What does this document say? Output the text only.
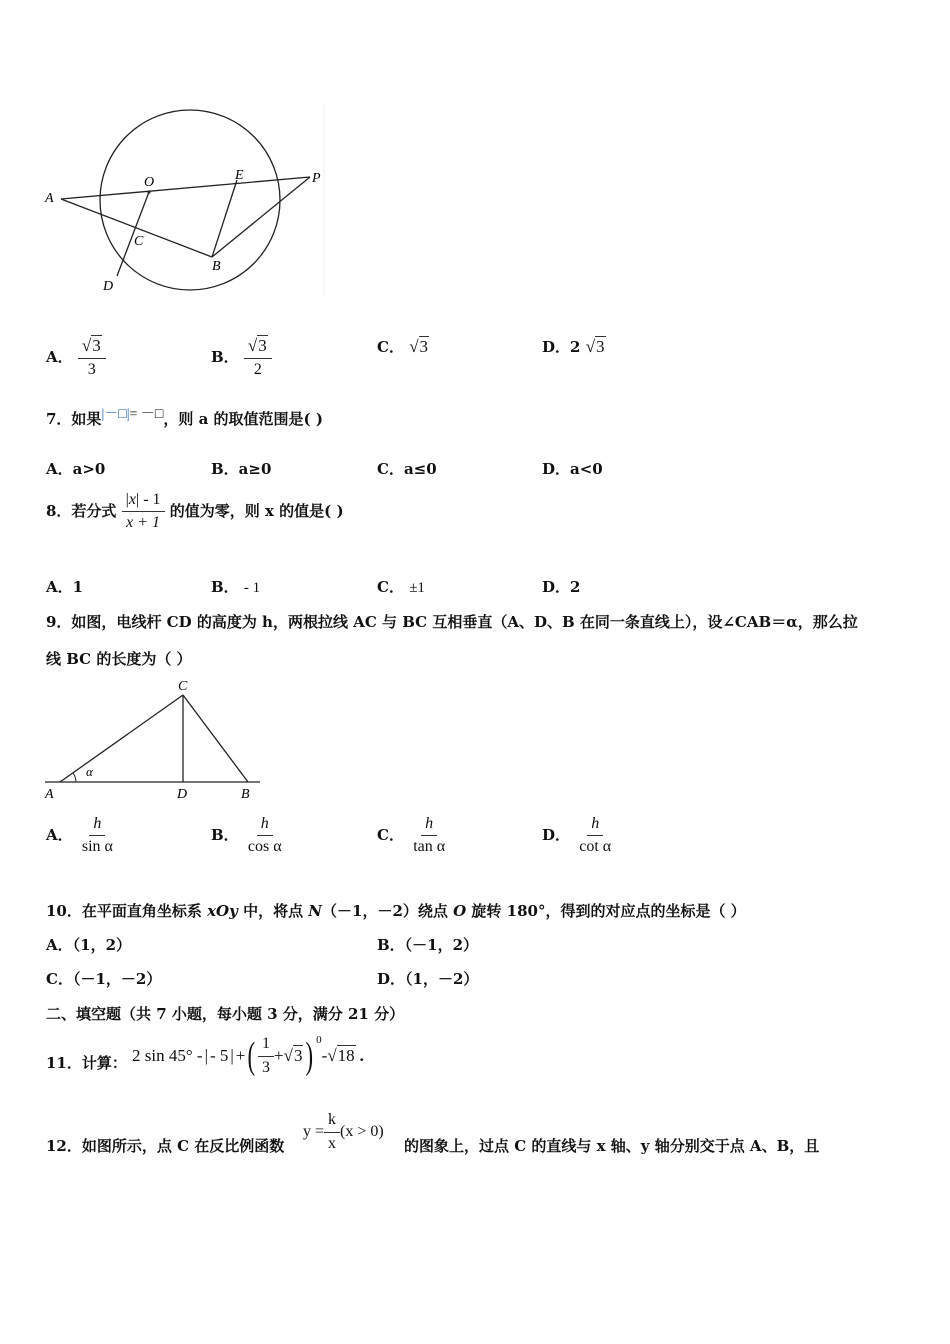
A
O	E	P
C
B
D
A． $\frac{√3}{3}$	B． $\frac{√3}{2}$	C． √3	D．2 √3
7．如果|－□|= －□，则 a 的取值范围是( )
A．a>0	B．a≥0	C．a≤0	D．a<0
8．若分式 $\frac{|x| - 1}{x + 1}$ 的值为零，则 x 的值是( )
A．1	B． - 1	C． ±1	D．2
9．如图，电线杆 CD 的高度为 h，两根拉线 AC 与 BC 互相垂直（A、D、B 在同一条直线上），设∠CAB＝α，那么拉
线 BC 的长度为（ ）
C
α
A	D	B
A． $\frac{h}{\text{sin α}}$	B． $\frac{h}{\text{cos α}}$	C． $\frac{h}{\text{tan α}}$	D． $\frac{h}{\text{cot α}}$
10．在平面直角坐标系 xOy 中，将点 N（－1，－2）绕点 O 旋转 180°，得到的对应点的坐标是（ ）
A．（1，2）	B．（－1，2）
C．（－1，－2）	D．（1，－2）
二、填空题（共 7 小题，每小题 3 分，满分 21 分）
11．计算： 2 sin 45° - | - 5 | + ( $\frac{1}{3} + √3$ ) 0
- √18 .
12．如图所示，点 C 在反比例函数
$y = \frac{k}{x} (x > 0)$
的图象上，过点 C 的直线与 x 轴、y 轴分别交于点 A、B，且
